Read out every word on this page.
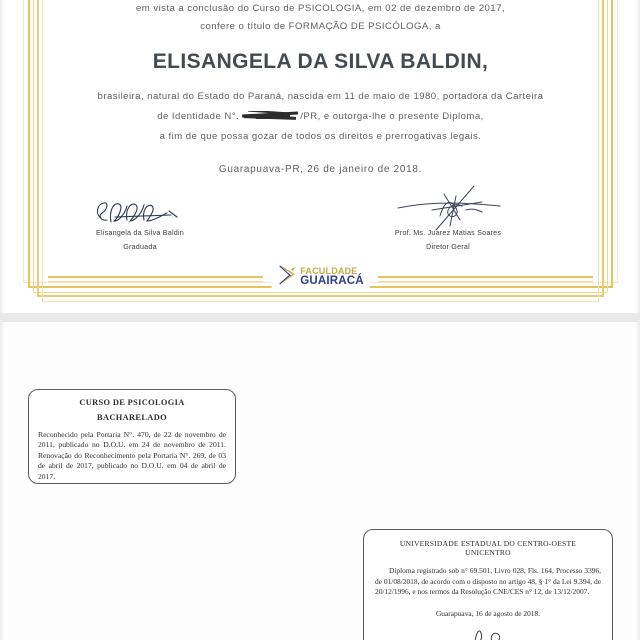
em vista a conclusão do Curso de PSICOLOGIA, em 02 de dezembro de 2017,
confere o título de FORMAÇÃO DE PSICÓLOGA, a
ELISANGELA DA SILVA BALDIN,
brasileira, natural do Estado do Paraná, nascida em 11 de maio de 1980, portadora da Carteira
de Identidade N°.	/PR, e outorga-lhe o presente Diploma,
a fim de que possa gozar de todos os direitos e prerrogativas legais.
Guarapuava-PR, 26 de janeiro de 2018.
Elisangela da Silva Baldin
Graduada
Prof. Ms. Juarez Matias Soares
Diretor Geral
FACULDADE
GUAIRACÁ
CURSO DE PSICOLOGIA
BACHARELADO
Reconhecido pela Portaria N°. 470, de 22 de novembro de 2011, publicado no D.O.U. em 24 de novembro de 2011. Renovação do Reconhecimento pela Portaria N°. 269, de 03 de abril de 2017, publicado no D.O.U. em 04 de abril de 2017.
UNIVERSIDADE ESTADUAL DO CENTRO-OESTE
UNICENTRO
Diploma registrado sob n° 69.501, Livro 028, Fls. 164, Processo 3396, de 01/08/2018, de acordo com o disposto no artigo 48, § 1° da Lei 9.394, de 20/12/1996, e nos termos da Resolução CNE/CES n° 12, de 13/12/2007.
Guarapuava, 16 de agosto de 2018.
